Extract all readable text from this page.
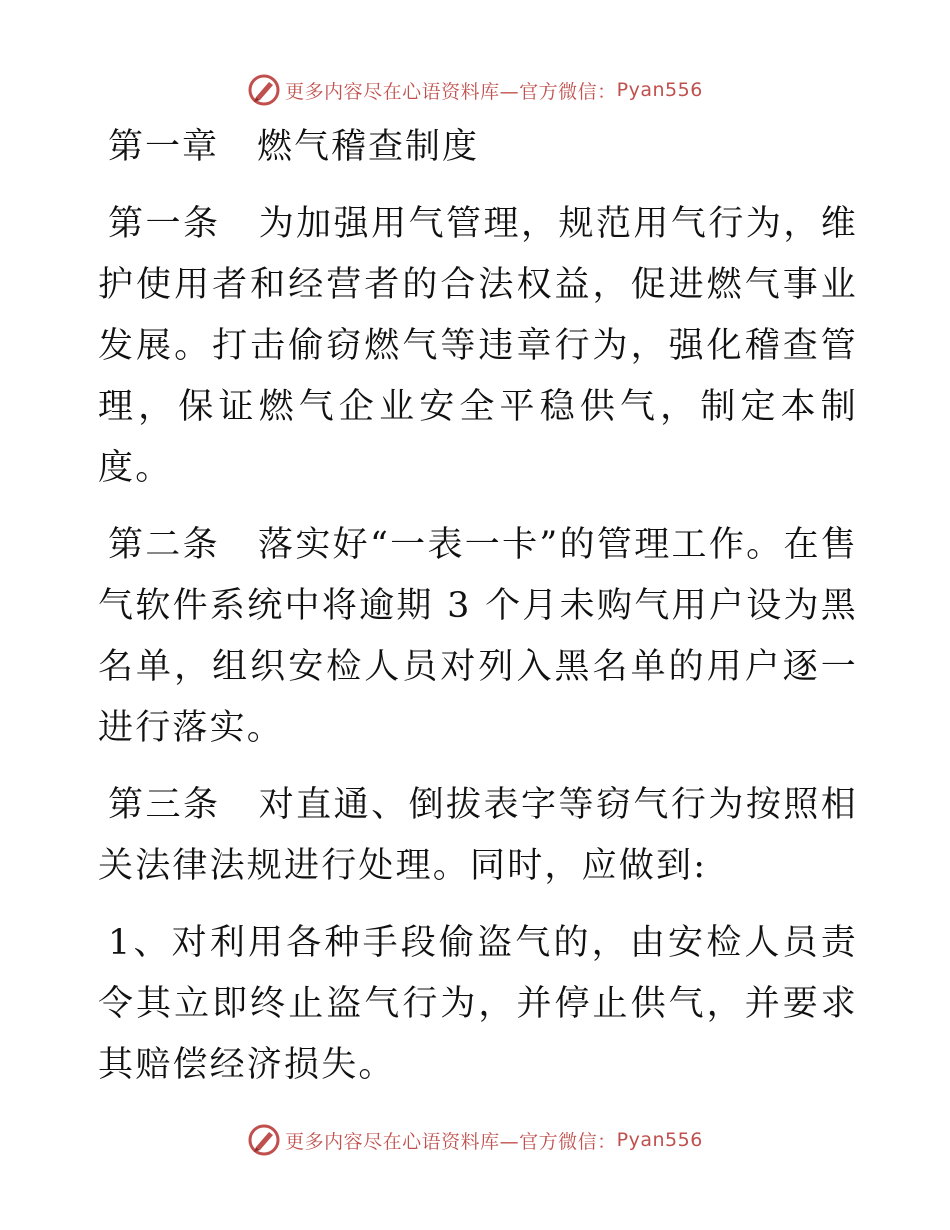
更多内容尽在心语资料库—官方微信： Pyan556
第一章 燃气稽查制度

第一条 为加强用气管理，规范用气行为，维护使用者和经营者的合法权益，促进燃气事业发展。打击偷窃燃气等违章行为，强化稽查管理，保证燃气企业安全平稳供气，制定本制度。

第二条 落实好“一表一卡”的管理工作。在售气软件系统中将逾期 3 个月未购气用户设为黑名单，组织安检人员对列入黑名单的用户逐一进行落实。

第三条 对直通、倒拔表字等窃气行为按照相关法律法规进行处理。同时，应做到:

1、对利用各种手段偷盗气的，由安检人员责令其立即终止盗气行为，并停止供气，并要求其赔偿经济损失。

更多内容尽在心语资料库—官方微信： Pyan556
